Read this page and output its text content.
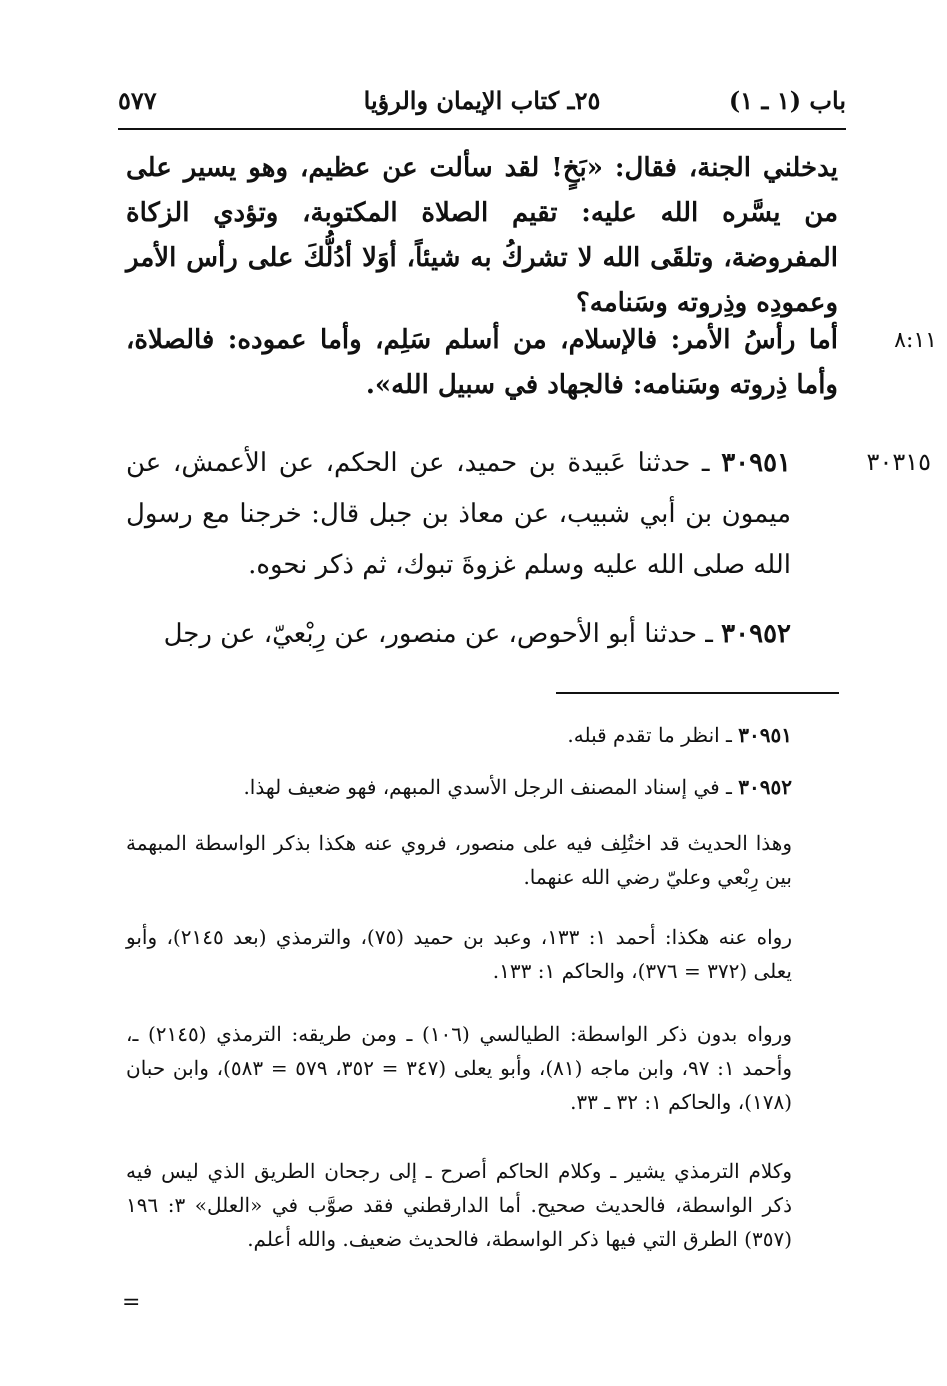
باب (١ ـ ١)
٢٥ـ كتاب الإيمان والرؤيا
٥٧٧

يدخلني الجنة، فقال: «بَخٍ! لقد سألت عن عظيم، وهو يسير على من يسَّره الله عليه: تقيم الصلاة المكتوبة، وتؤدي الزكاة المفروضة، وتلقَى الله لا تشركُ به شيئاً، أوَلا أدُلُّكَ على رأس الأمر وعمودِه وذِروته وسَنامه؟

٨:١١

أما رأسُ الأمر: فالإسلام، من أسلم سَلِم، وأما عموده: فالصلاة، وأما ذِروته وسَنامه: فالجهاد في سبيل الله».

٣٠٣١٥
٣٠٩٥١ ـ حدثنا عَبيدة بن حميد، عن الحكم، عن الأعمش، عن ميمون بن أبي شبيب، عن معاذ بن جبل قال: خرجنا مع رسول الله صلى الله عليه وسلم غزوةَ تبوك، ثم ذكر نحوه.
٣٠٩٥٢ ـ حدثنا أبو الأحوص، عن منصور، عن رِبْعيّ، عن رجل

٣٠٩٥١ ـ انظر ما تقدم قبله.

٣٠٩٥٢ ـ في إسناد المصنف الرجل الأسدي المبهم، فهو ضعيف لهذا.

وهذا الحديث قد اختُلِف فيه على منصور، فروي عنه هكذا بذكر الواسطة المبهمة بين رِبْعي وعليّ رضي الله عنهما.

رواه عنه هكذا: أحمد ١: ١٣٣، وعبد بن حميد (٧٥)، والترمذي (بعد ٢١٤٥)، وأبو يعلى (٣٧٢ = ٣٧٦)، والحاكم ١: ١٣٣.

ورواه بدون ذكر الواسطة: الطيالسي (١٠٦) ـ ومن طريقه: الترمذي (٢١٤٥) ـ، وأحمد ١: ٩٧، وابن ماجه (٨١)، وأبو يعلى (٣٤٧ = ٣٥٢، ٥٧٩ = ٥٨٣)، وابن حبان (١٧٨)، والحاكم ١: ٣٢ ـ ٣٣.

وكلام الترمذي يشير ـ وكلام الحاكم أصرح ـ إلى رجحان الطريق الذي ليس فيه ذكر الواسطة، فالحديث صحيح. أما الدارقطني فقد صوَّب في «العلل» ٣: ١٩٦ (٣٥٧) الطرق التي فيها ذكر الواسطة، فالحديث ضعيف. والله أعلم.

=
